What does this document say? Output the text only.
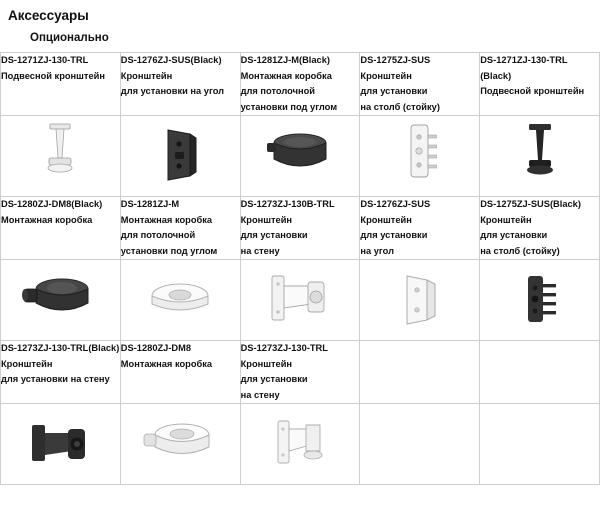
Аксессуары
Опционально
DS-1271ZJ-130-TRL
Подвесной кронштейн	DS-1276ZJ-SUS(Black)
Кронштейн
для установки на угол	DS-1281ZJ-M(Black)
Монтажная коробка
для потолочной
установки под углом	DS-1275ZJ-SUS
Кронштейн
для установки
на столб (стойку)	DS-1271ZJ-130-TRL
(Black)
Подвесной кронштейн

DS-1280ZJ-DM8(Black)
Монтажная коробка	DS-1281ZJ-M
Монтажная коробка
для потолочной
установки под углом	DS-1273ZJ-130B-TRL
Кронштейн
для установки
на стену	DS-1276ZJ-SUS
Кронштейн
для установки
на угол	DS-1275ZJ-SUS(Black)
Кронштейн
для установки
на столб (стойку)

DS-1273ZJ-130-TRL(Black)
Кронштейн
для установки на стену	DS-1280ZJ-DM8
Монтажная коробка	DS-1273ZJ-130-TRL
Кронштейн
для установки
на стену		
